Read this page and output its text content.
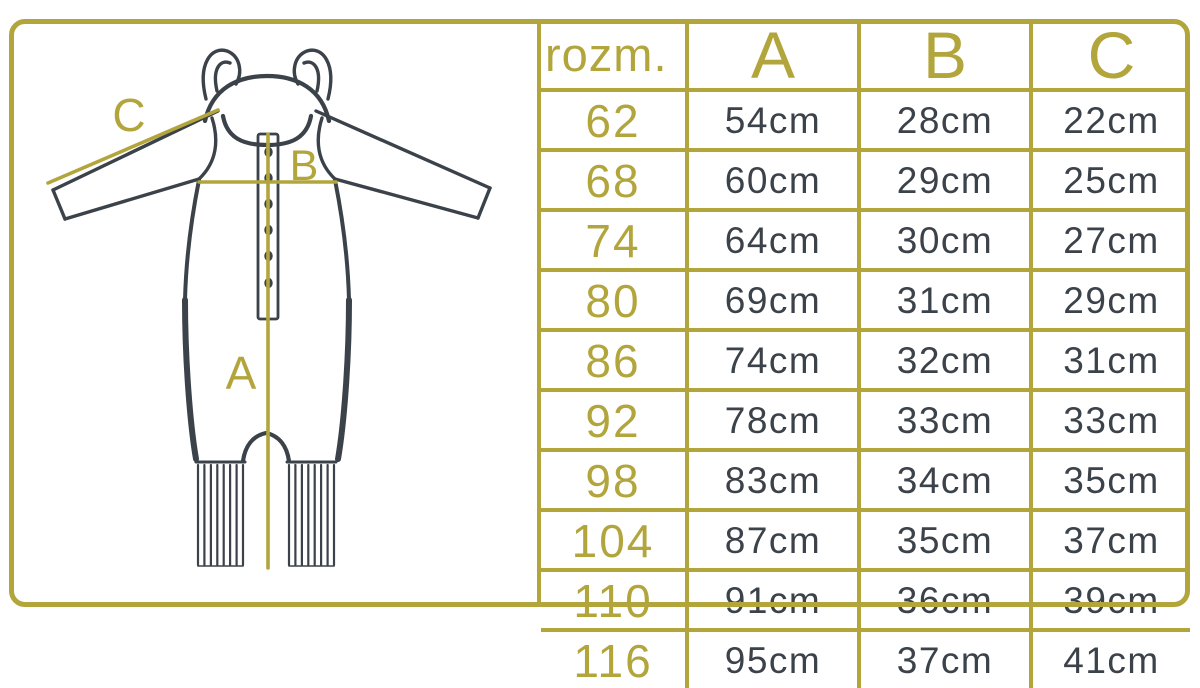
C
B
A
rozm.	A	B	C
62	54cm	28cm	22cm
68	60cm	29cm	25cm
74	64cm	30cm	27cm
80	69cm	31cm	29cm
86	74cm	32cm	31cm
92	78cm	33cm	33cm
98	83cm	34cm	35cm
104	87cm	35cm	37cm
110	91cm	36cm	39cm
116	95cm	37cm	41cm
